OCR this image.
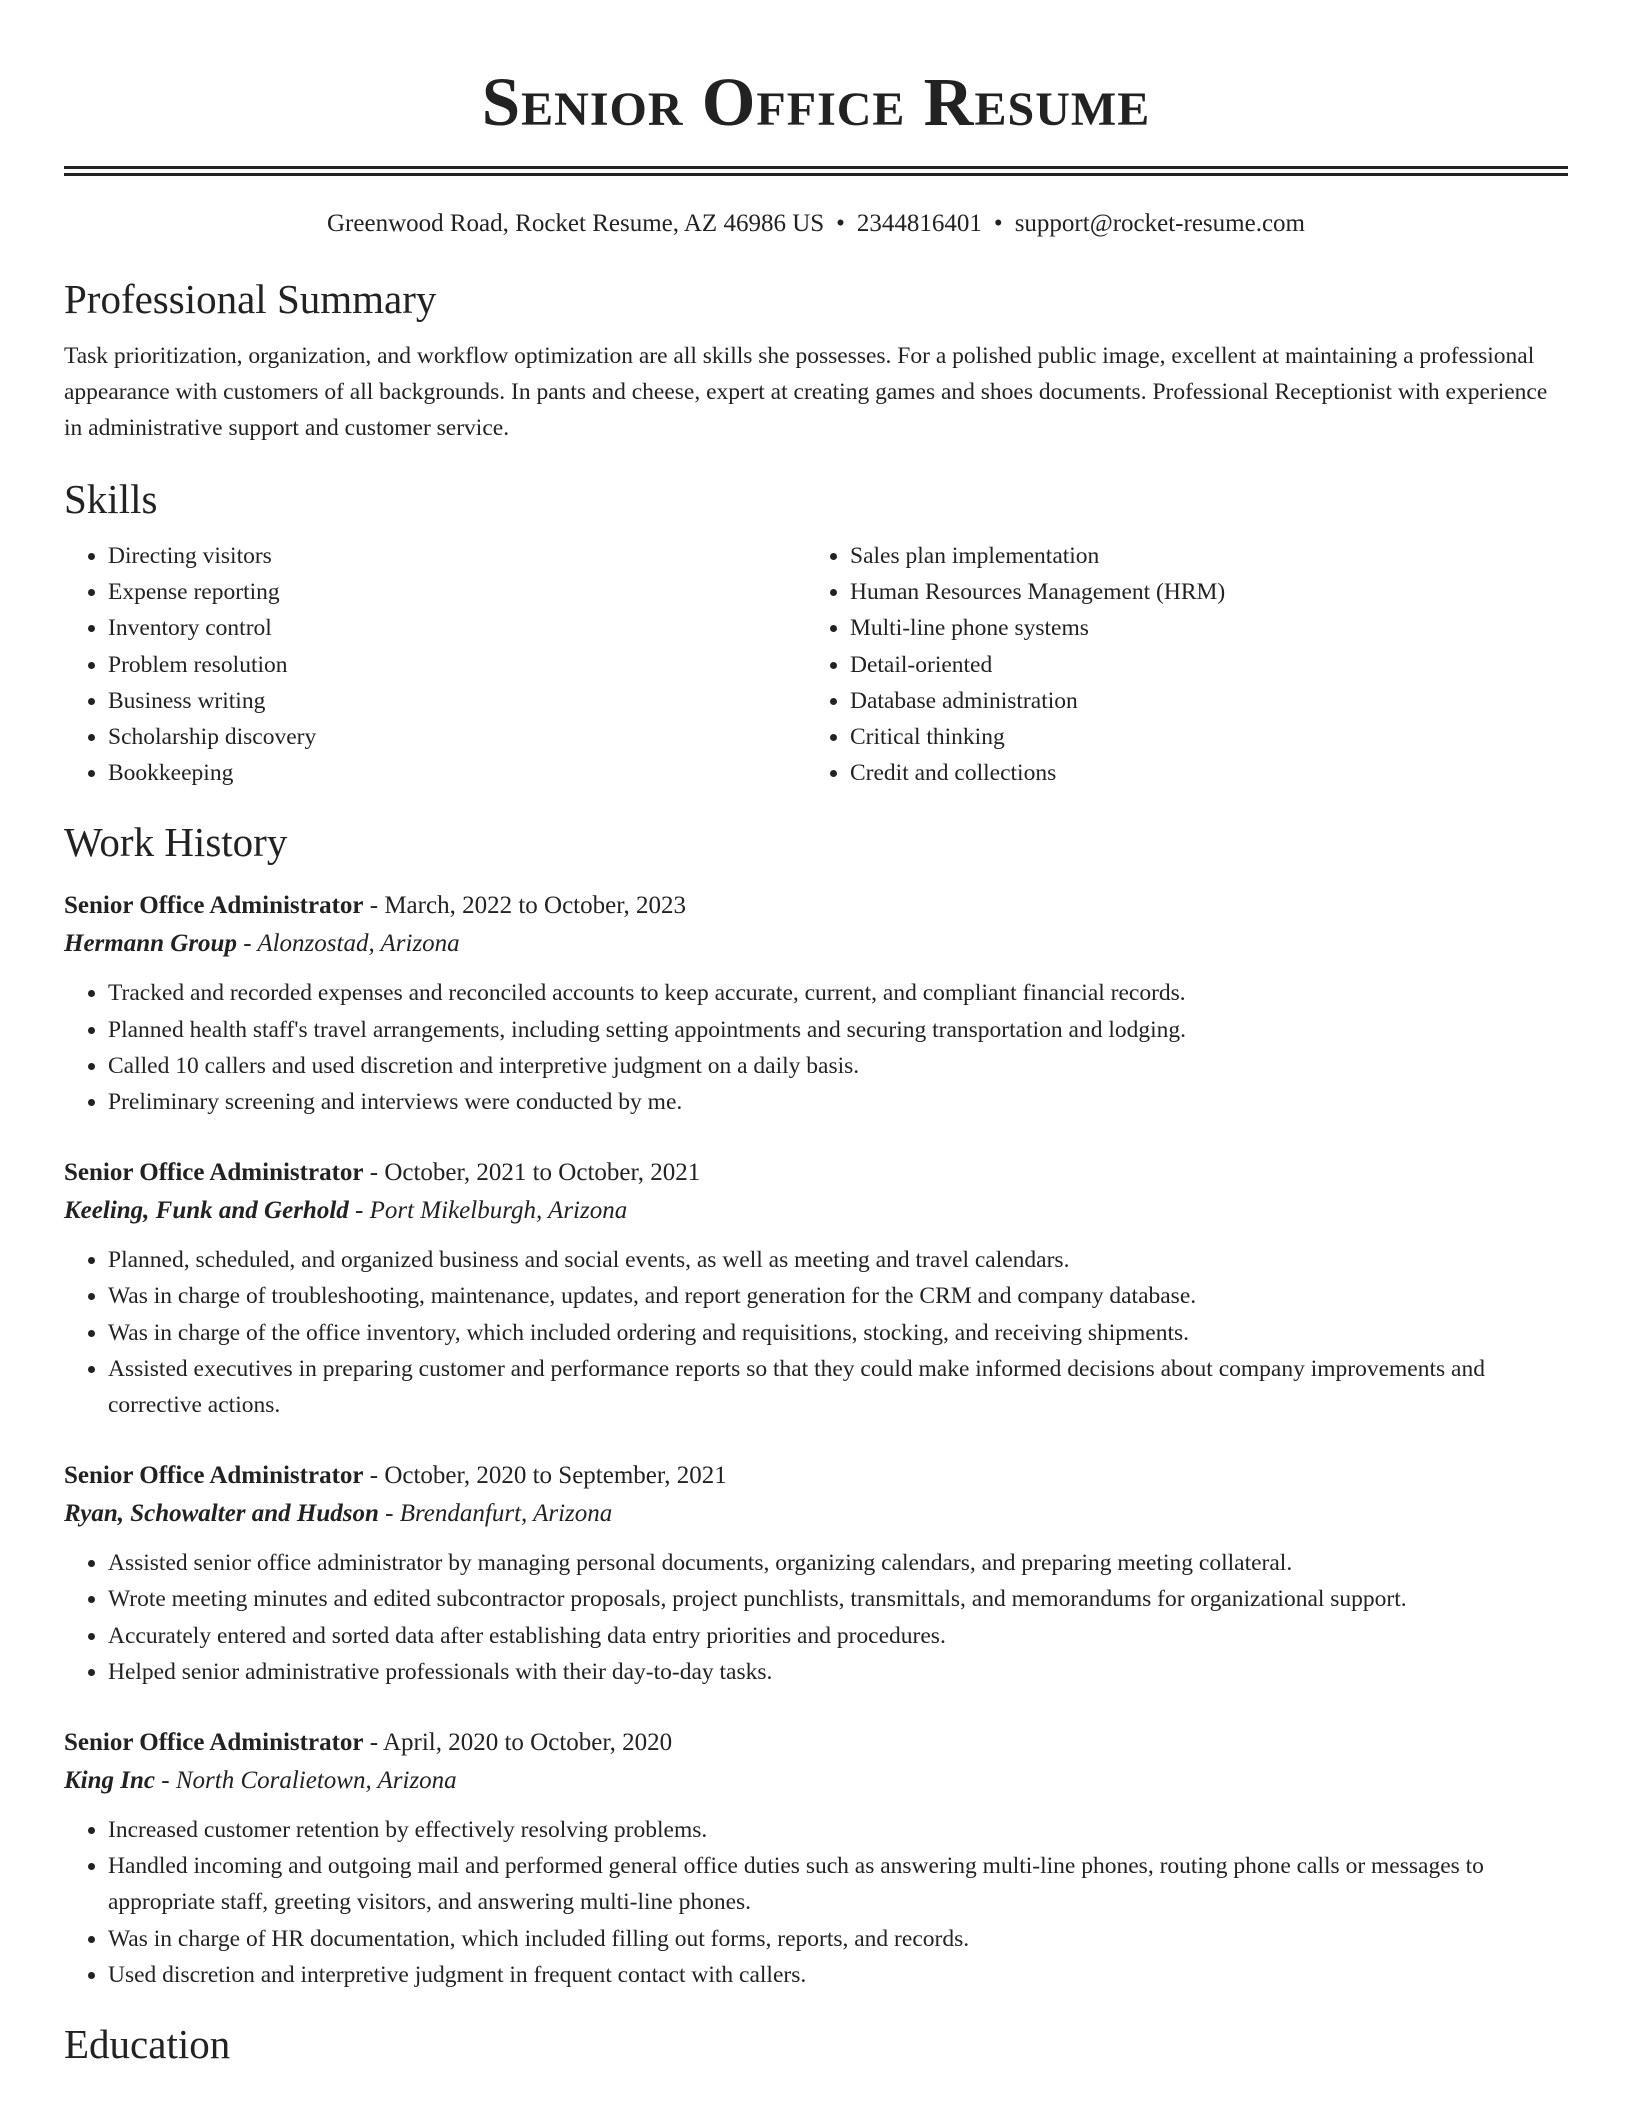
Senior Office Resume
Greenwood Road, Rocket Resume, AZ 46986 US • 2344816401 • support@rocket-resume.com
Professional Summary

Task prioritization, organization, and workflow optimization are all skills she possesses. For a polished public image, excellent at maintaining a professional appearance with customers of all backgrounds. In pants and cheese, expert at creating games and shoes documents. Professional Receptionist with experience in administrative support and customer service.

Skills
• Directing visitors
• Expense reporting
• Inventory control
• Problem resolution
• Business writing
• Scholarship discovery
• Bookkeeping
• Sales plan implementation
• Human Resources Management (HRM)
• Multi-line phone systems
• Detail-oriented
• Database administration
• Critical thinking
• Credit and collections
Work History
Senior Office Administrator - March, 2022 to October, 2023
Hermann Group - Alonzostad, Arizona
• Tracked and recorded expenses and reconciled accounts to keep accurate, current, and compliant financial records.
• Planned health staff's travel arrangements, including setting appointments and securing transportation and lodging.
• Called 10 callers and used discretion and interpretive judgment on a daily basis.
• Preliminary screening and interviews were conducted by me.
Senior Office Administrator - October, 2021 to October, 2021
Keeling, Funk and Gerhold - Port Mikelburgh, Arizona
• Planned, scheduled, and organized business and social events, as well as meeting and travel calendars.
• Was in charge of troubleshooting, maintenance, updates, and report generation for the CRM and company database.
• Was in charge of the office inventory, which included ordering and requisitions, stocking, and receiving shipments.
• Assisted executives in preparing customer and performance reports so that they could make informed decisions about company improvements and corrective actions.
Senior Office Administrator - October, 2020 to September, 2021
Ryan, Schowalter and Hudson - Brendanfurt, Arizona
• Assisted senior office administrator by managing personal documents, organizing calendars, and preparing meeting collateral.
• Wrote meeting minutes and edited subcontractor proposals, project punchlists, transmittals, and memorandums for organizational support.
• Accurately entered and sorted data after establishing data entry priorities and procedures.
• Helped senior administrative professionals with their day-to-day tasks.
Senior Office Administrator - April, 2020 to October, 2020
King Inc - North Coralietown, Arizona
• Increased customer retention by effectively resolving problems.
• Handled incoming and outgoing mail and performed general office duties such as answering multi-line phones, routing phone calls or messages to appropriate staff, greeting visitors, and answering multi-line phones.
• Was in charge of HR documentation, which included filling out forms, reports, and records.
• Used discretion and interpretive judgment in frequent contact with callers.
Education
